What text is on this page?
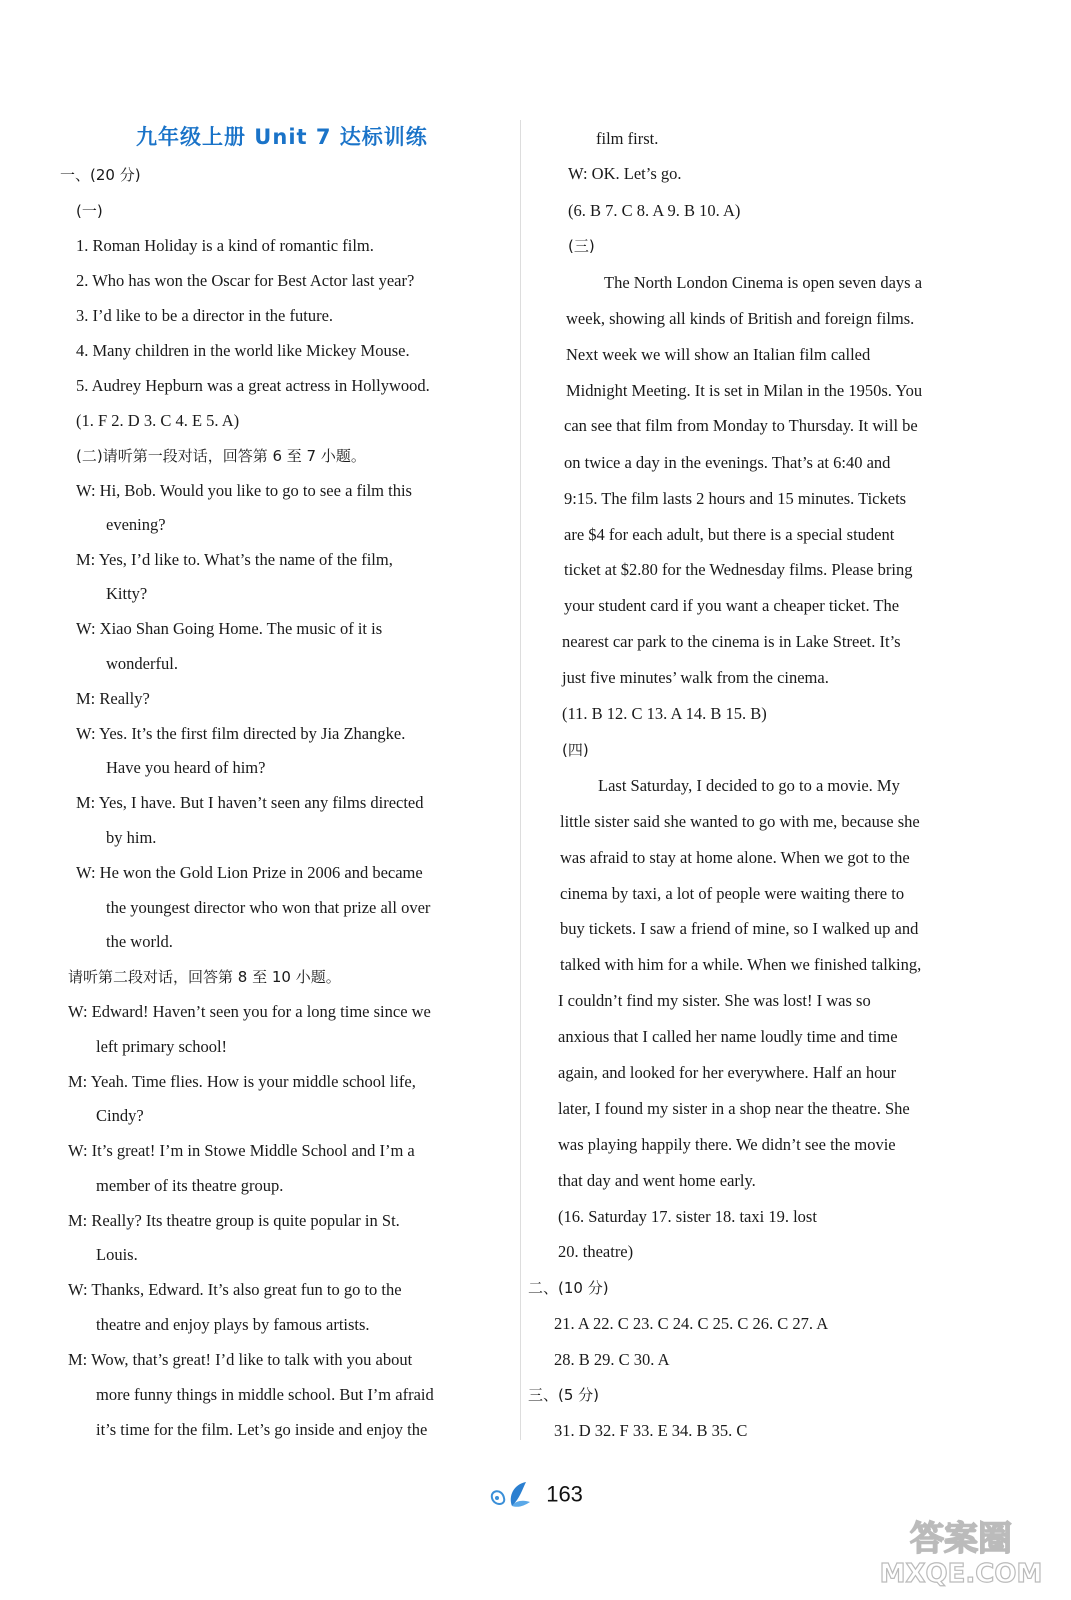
九年级上册 Unit 7 达标训练
一、(20 分)
(一)
1. Roman Holiday is a kind of romantic film.
2. Who has won the Oscar for Best Actor last year?
3. I’d like to be a director in the future.
4. Many children in the world like Mickey Mouse.
5. Audrey Hepburn was a great actress in Hollywood.
(1. F 2. D 3. C 4. E 5. A)
(二)请听第一段对话，回答第 6 至 7 小题。
W: Hi, Bob. Would you like to go to see a film this
evening?
M: Yes, I’d like to. What’s the name of the film,
Kitty?
W: Xiao Shan Going Home. The music of it is
wonderful.
M: Really?
W: Yes. It’s the first film directed by Jia Zhangke.
Have you heard of him?
M: Yes, I have. But I haven’t seen any films directed
by him.
W: He won the Gold Lion Prize in 2006 and became
the youngest director who won that prize all over
the world.
请听第二段对话，回答第 8 至 10 小题。
W: Edward! Haven’t seen you for a long time since we
left primary school!
M: Yeah. Time flies. How is your middle school life,
Cindy?
W: It’s great! I’m in Stowe Middle School and I’m a
member of its theatre group.
M: Really? Its theatre group is quite popular in St.
Louis.
W: Thanks, Edward. It’s also great fun to go to the
theatre and enjoy plays by famous artists.
M: Wow, that’s great! I’d like to talk with you about
more funny things in middle school. But I’m afraid
it’s time for the film. Let’s go inside and enjoy the
film first.
W: OK. Let’s go.
(6. B 7. C 8. A 9. B 10. A)
(三)
The North London Cinema is open seven days a
week, showing all kinds of British and foreign films.
Next week we will show an Italian film called
Midnight Meeting. It is set in Milan in the 1950s. You
can see that film from Monday to Thursday. It will be
on twice a day in the evenings. That’s at 6:40 and
9:15. The film lasts 2 hours and 15 minutes. Tickets
are $4 for each adult, but there is a special student
ticket at $2.80 for the Wednesday films. Please bring
your student card if you want a cheaper ticket. The
nearest car park to the cinema is in Lake Street. It’s
just five minutes’ walk from the cinema.
(11. B 12. C 13. A 14. B 15. B)
(四)
Last Saturday, I decided to go to a movie. My
little sister said she wanted to go with me, because she
was afraid to stay at home alone. When we got to the
cinema by taxi, a lot of people were waiting there to
buy tickets. I saw a friend of mine, so I walked up and
talked with him for a while. When we finished talking,
I couldn’t find my sister. She was lost! I was so
anxious that I called her name loudly time and time
again, and looked for her everywhere. Half an hour
later, I found my sister in a shop near the theatre. She
was playing happily there. We didn’t see the movie
that day and went home early.
(16. Saturday 17. sister 18. taxi 19. lost
20. theatre)
二、(10 分)
21. A 22. C 23. C 24. C 25. C 26. C 27. A
28. B 29. C 30. A
三、(5 分)
31. D 32. F 33. E 34. B 35. C
163
答案圈
MXQE.COM
